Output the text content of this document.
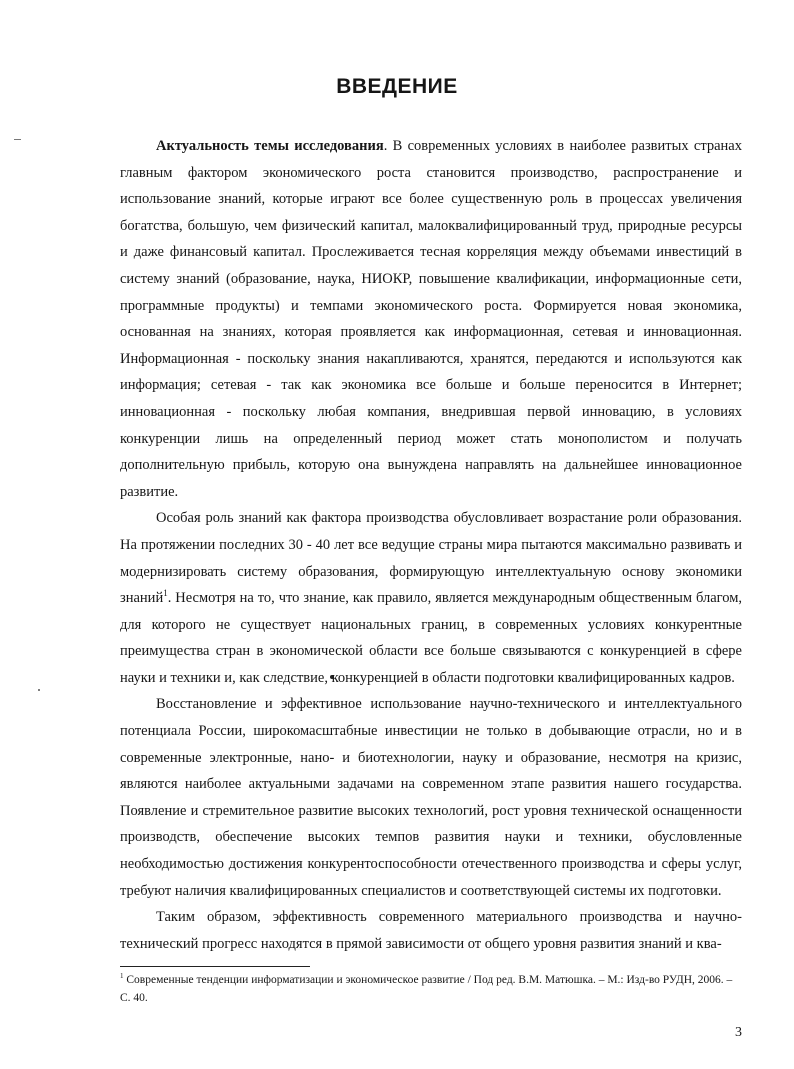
ВВЕДЕНИЕ

Актуальность темы исследования. В современных условиях в наиболее развитых странах главным фактором экономического роста становится производство, распространение и использование знаний, которые играют все более существенную роль в процессах увеличения богатства, большую, чем физический капитал, малоквалифицированный труд, природные ресурсы и даже финансовый капитал. Прослеживается тесная корреляция между объемами инвестиций в систему знаний (образование, наука, НИОКР, повышение квалификации, информационные сети, программные продукты) и темпами экономического роста. Формируется новая экономика, основанная на знаниях, которая проявляется как информационная, сетевая и инновационная. Информационная - поскольку знания накапливаются, хранятся, передаются и используются как информация; сетевая - так как экономика все больше и больше переносится в Интернет; инновационная - поскольку любая компания, внедрившая первой инновацию, в условиях конкуренции лишь на определенный период может стать монополистом и получать дополнительную прибыль, которую она вынуждена направлять на дальнейшее инновационное развитие.

Особая роль знаний как фактора производства обусловливает возрастание роли образования. На протяжении последних 30 - 40 лет все ведущие страны мира пытаются максимально развивать и модернизировать систему образования, формирующую интеллектуальную основу экономики знаний$^1$. Несмотря на то, что знание, как правило, является международным общественным благом, для которого не существует национальных границ, в современных условиях конкурентные преимущества стран в экономической области все больше связываются с конкуренцией в сфере науки и техники и, как следствие, конкуренцией в области подготовки квалифицированных кадров.

Восстановление и эффективное использование научно-технического и интеллектуального потенциала России, широкомасштабные инвестиции не только в добывающие отрасли, но и в современные электронные, нано- и биотехнологии, науку и образование, несмотря на кризис, являются наиболее актуальными задачами на современном этапе развития нашего государства. Появление и стремительное развитие высоких технологий, рост уровня технической оснащенности производств, обеспечение высоких темпов развития науки и техники, обусловленные необходимостью достижения конкурентоспособности отечественного производства и сферы услуг, требуют наличия квалифицированных специалистов и соответствующей системы их подготовки.

Таким образом, эффективность современного материального производства и научно-технический прогресс находятся в прямой зависимости от общего уровня развития знаний и ква-

$^1$ Современные тенденции информатизации и экономическое развитие / Под ред. В.М. Матюшка. – М.: Изд-во РУДН, 2006. – С. 40.

3
